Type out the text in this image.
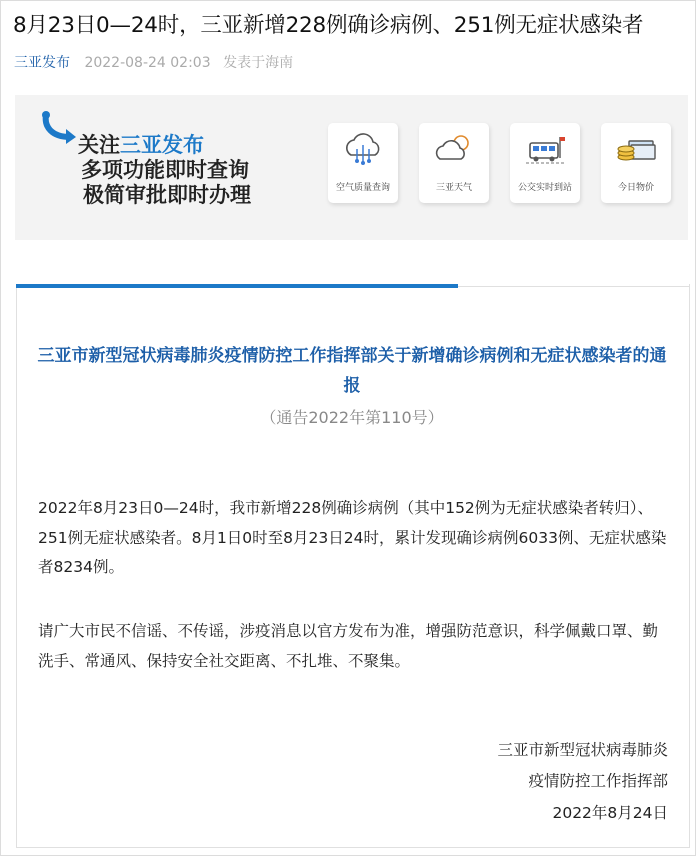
8月23日0—24时，三亚新增228例确诊病例、251例无症状感染者
三亚发布 2022-08-24 02:03 发表于海南
关注三亚发布
多项功能即时查询
极简审批即时办理	空气质量查询	三亚天气	公交实时到站	今日物价
三亚市新型冠状病毒肺炎疫情防控工作指挥部关于新增确诊病例和无症状感染者的通报
（通告2022年第110号）
2022年8月23日0—24时，我市新增228例确诊病例（其中152例为无症状感染者转归）、251例无症状感染者。8月1日0时至8月23日24时，累计发现确诊病例6033例、无症状感染者8234例。
请广大市民不信谣、不传谣，涉疫消息以官方发布为准，增强防范意识，科学佩戴口罩、勤洗手、常通风、保持安全社交距离、不扎堆、不聚集。
三亚市新型冠状病毒肺炎
疫情防控工作指挥部
2022年8月24日
